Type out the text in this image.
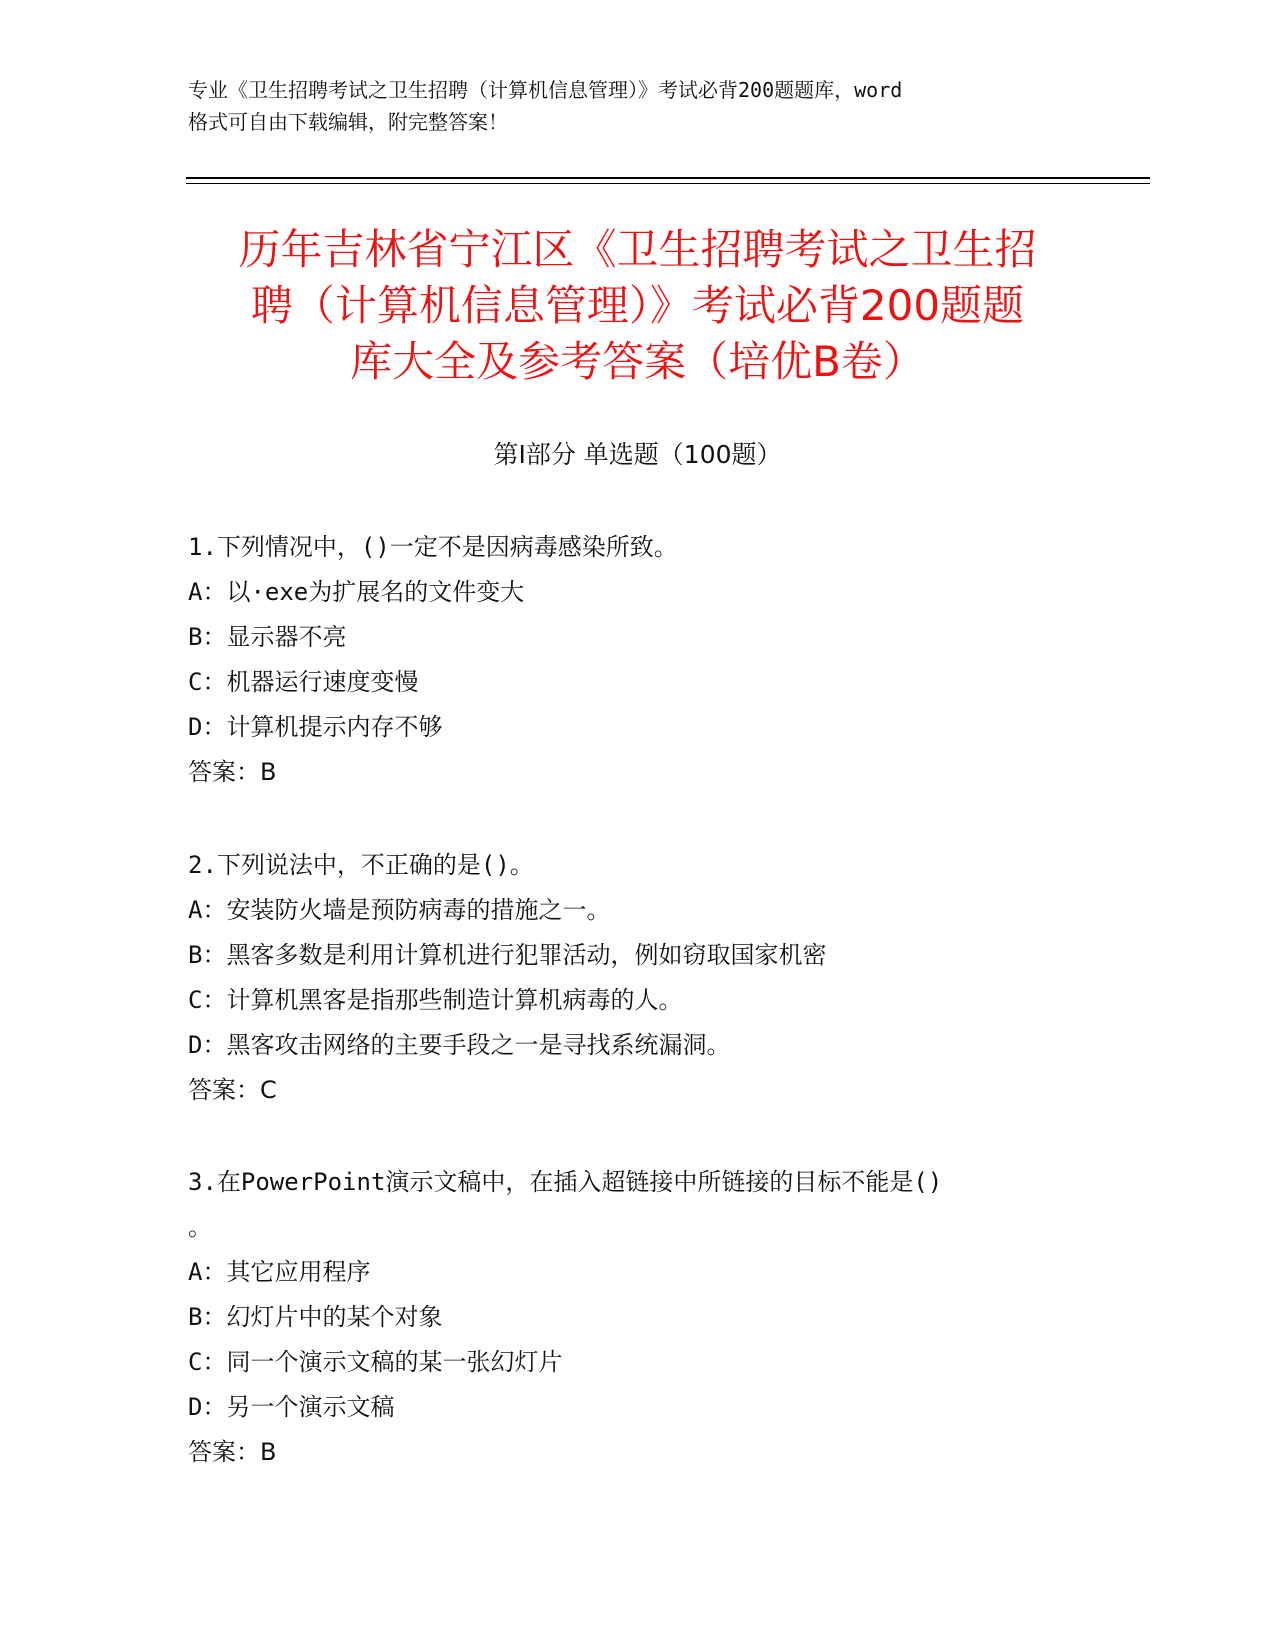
专业《卫生招聘考试之卫生招聘（计算机信息管理）》考试必背200题题库，word
格式可自由下载编辑，附完整答案！
历年吉林省宁江区《卫生招聘考试之卫生招
聘（计算机信息管理）》考试必背200题题
库大全及参考答案（培优B卷）
第Ⅰ部分 单选题（100题）
1.下列情况中，()一定不是因病毒感染所致。
A：以·exe为扩展名的文件变大
B：显示器不亮
C：机器运行速度变慢
D：计算机提示内存不够
答案：B
2.下列说法中，不正确的是()。
A：安装防火墙是预防病毒的措施之一。
B：黑客多数是利用计算机进行犯罪活动，例如窃取国家机密
C：计算机黑客是指那些制造计算机病毒的人。
D：黑客攻击网络的主要手段之一是寻找系统漏洞。
答案：C
3.在PowerPoint演示文稿中，在插入超链接中所链接的目标不能是()
。
A：其它应用程序
B：幻灯片中的某个对象
C：同一个演示文稿的某一张幻灯片
D：另一个演示文稿
答案：B
